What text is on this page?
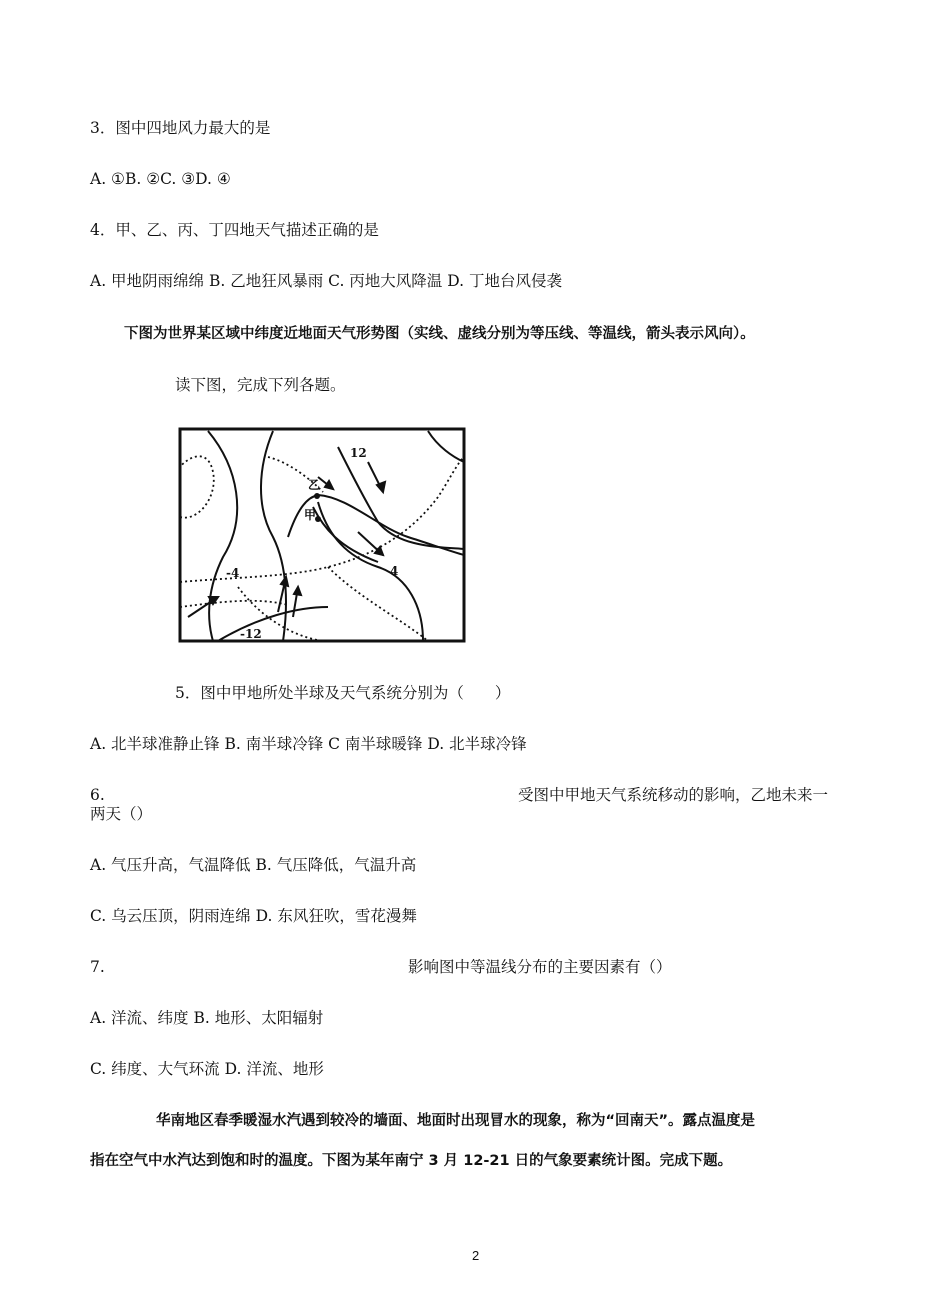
3．图中四地风力最大的是
A. ①B. ②C. ③D. ④
4．甲、乙、丙、丁四地天气描述正确的是
A. 甲地阴雨绵绵 B. 乙地狂风暴雨 C. 丙地大风降温 D. 丁地台风侵袭
下图为世界某区域中纬度近地面天气形势图（实线、虚线分别为等压线、等温线，箭头表示风向）。
读下图，完成下列各题。
12
乙
甲
-4	4
-12
5．图中甲地所处半球及天气系统分别为（　　）
A. 北半球准静止锋 B. 南半球冷锋 C 南半球暖锋 D. 北半球冷锋
6.	受图中甲地天气系统移动的影响，乙地未来一
两天（）
A. 气压升高，气温降低 B. 气压降低，气温升高
C. 乌云压顶，阴雨连绵 D. 东风狂吹，雪花漫舞
7.	影响图中等温线分布的主要因素有（）
A. 洋流、纬度 B. 地形、太阳辐射
C. 纬度、大气环流 D. 洋流、地形
华南地区春季暖湿水汽遇到较冷的墙面、地面时出现冒水的现象，称为“回南天”。露点温度是
指在空气中水汽达到饱和时的温度。下图为某年南宁 3 月 12-21 日的气象要素统计图。完成下题。
2
